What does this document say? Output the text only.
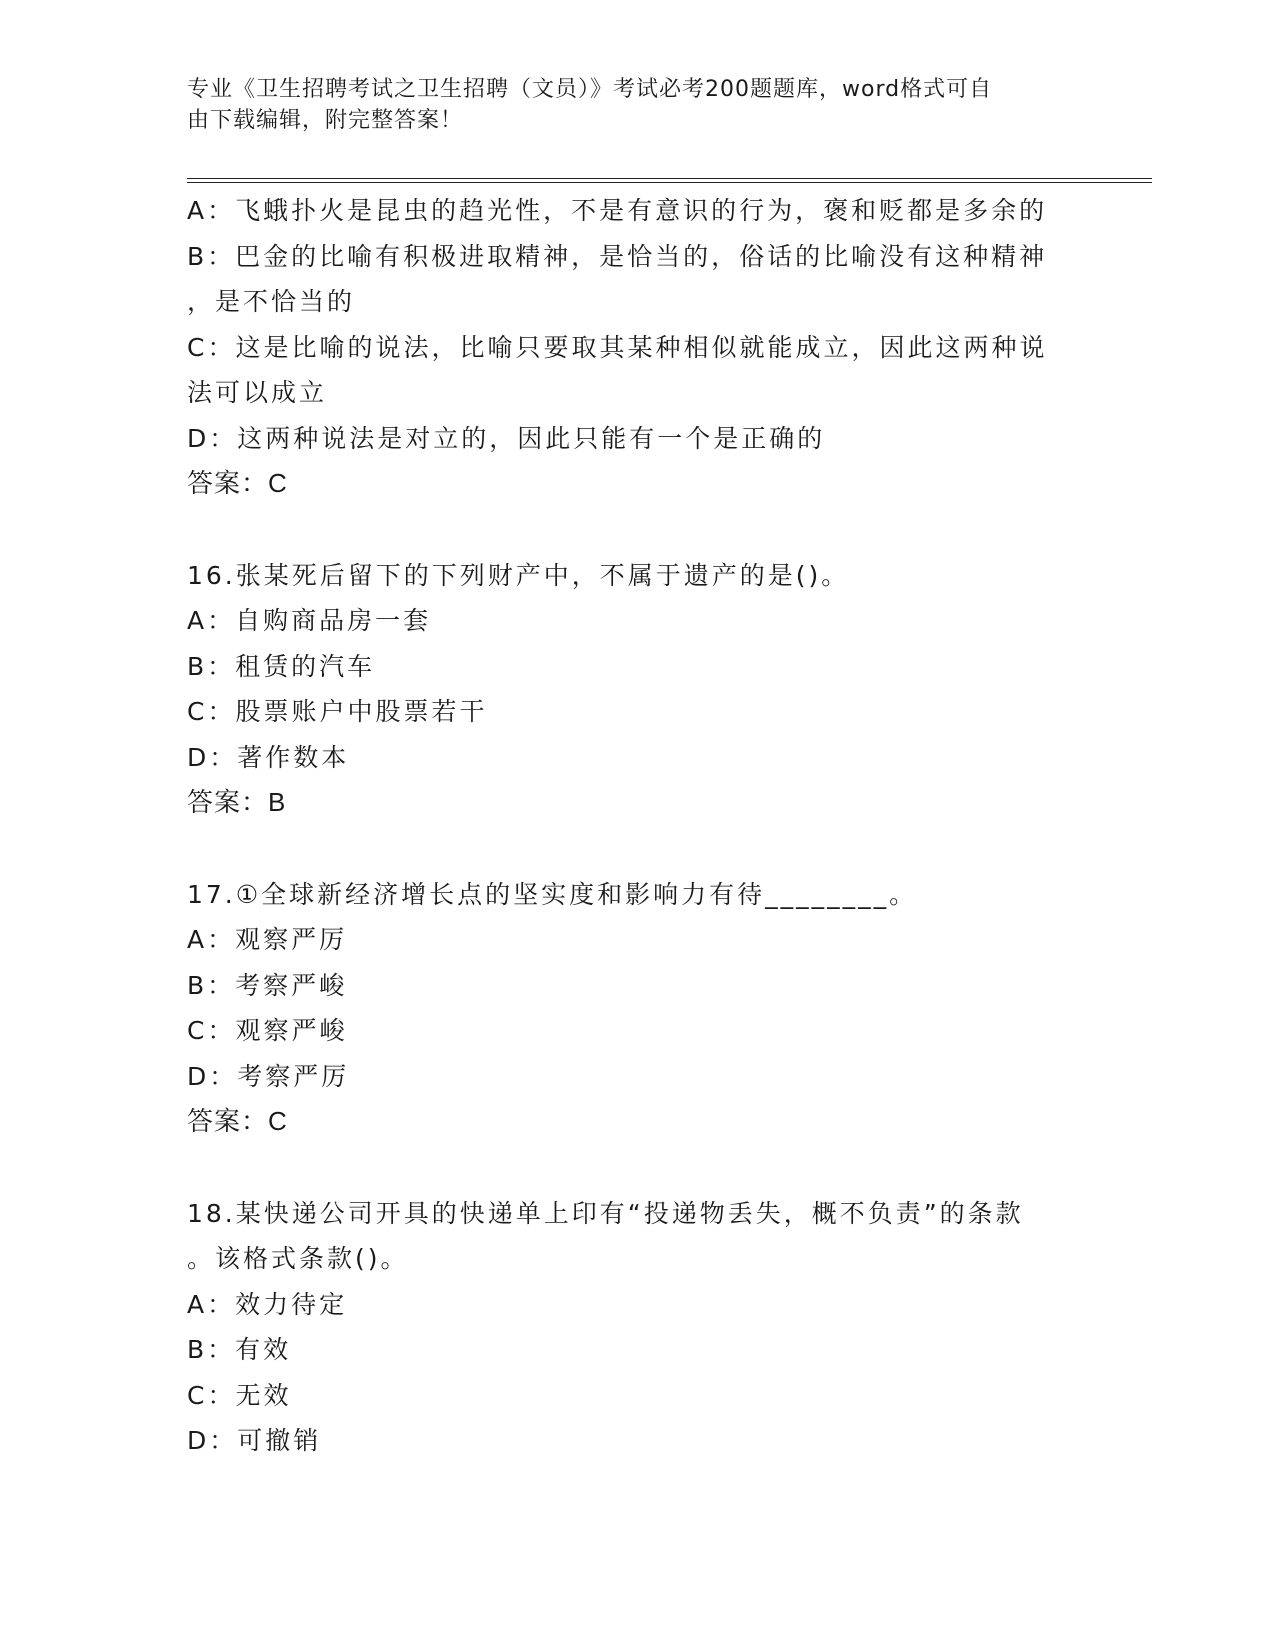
专业《卫生招聘考试之卫生招聘（文员）》考试必考200题题库，word格式可自
由下载编辑，附完整答案！
A：飞蛾扑火是昆虫的趋光性，不是有意识的行为，褒和贬都是多余的
B：巴金的比喻有积极进取精神，是恰当的，俗话的比喻没有这种精神
，是不恰当的
C：这是比喻的说法，比喻只要取其某种相似就能成立，因此这两种说
法可以成立
D：这两种说法是对立的，因此只能有一个是正确的
答案：C
16.张某死后留下的下列财产中，不属于遗产的是()。
A：自购商品房一套
B：租赁的汽车
C：股票账户中股票若干
D：著作数本
答案：B
17.①全球新经济增长点的坚实度和影响力有待________。
A：观察严厉
B：考察严峻
C：观察严峻
D：考察严厉
答案：C
18.某快递公司开具的快递单上印有“投递物丢失，概不负责”的条款
。该格式条款()。
A：效力待定
B：有效
C：无效
D：可撤销
